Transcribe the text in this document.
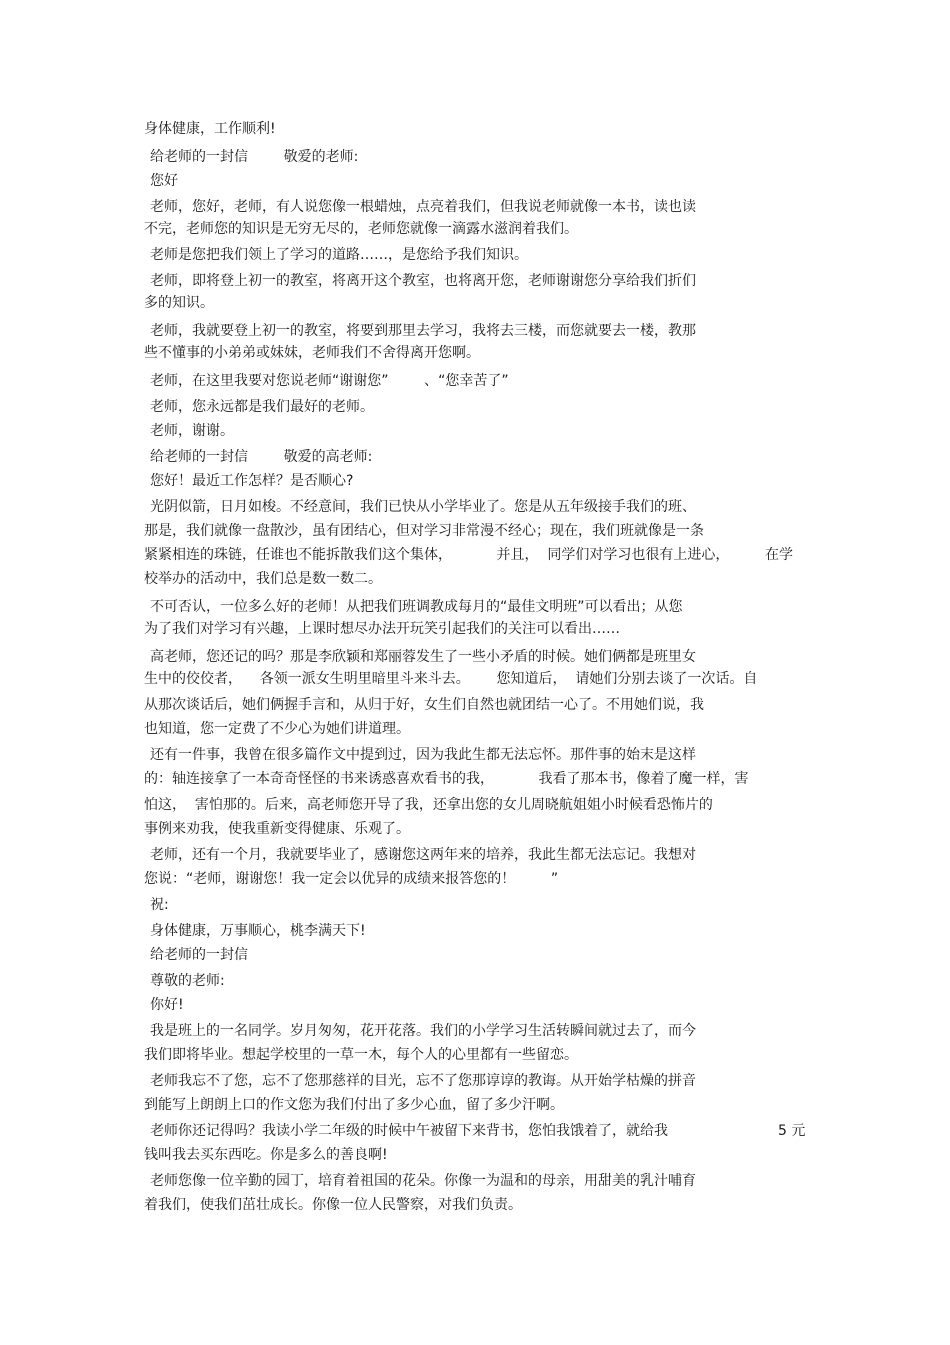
身体健康，工作顺利!
给老师的一封信        敬爱的老师:
您好
老师，您好，老师，有人说您像一根蜡烛，点亮着我们，但我说老师就像一本书，读也读
不完，老师您的知识是无穷无尽的，老师您就像一滴露水滋润着我们。
老师是您把我们领上了学习的道路……，是您给予我们知识。
老师，即将登上初一的教室，将离开这个教室，也将离开您，老师谢谢您分享给我们折们
多的知识。
老师，我就要登上初一的教室，将要到那里去学习，我将去三楼，而您就要去一楼，教那
些不懂事的小弟弟或妹妹，老师我们不舍得离开您啊。
老师，在这里我要对您说老师“谢谢您”        、“您幸苦了”
老师，您永远都是我们最好的老师。
老师，谢谢。
给老师的一封信        敬爱的高老师:
您好！最近工作怎样？是否顺心?
光阴似箭，日月如梭。不经意间，我们已快从小学毕业了。您是从五年级接手我们的班、
那是，我们就像一盘散沙，虽有团结心，但对学习非常漫不经心；现在，我们班就像是一条
紧紧相连的珠链，任谁也不能拆散我们这个集体，          并且，  同学们对学习也很有上进心，        在学
校举办的活动中，我们总是数一数二。
不可否认，一位多么好的老师！从把我们班调教成每月的“最佳文明班”可以看出；从您
为了我们对学习有兴趣，上课时想尽办法开玩笑引起我们的关注可以看出……
高老师，您还记的吗？那是李欣颖和郑丽蓉发生了一些小矛盾的时候。她们俩都是班里女
生中的佼佼者，    各领一派女生明里暗里斗来斗去。      您知道后，  请她们分别去谈了一次话。自
从那次谈话后，她们俩握手言和，从归于好，女生们自然也就团结一心了。不用她们说，我
也知道，您一定费了不少心为她们讲道理。
还有一件事，我曾在很多篇作文中提到过，因为我此生都无法忘怀。那件事的始末是这样
的：轴连接拿了一本奇奇怪怪的书来诱惑喜欢看书的我，          我看了那本书，像着了魔一样，害
怕这，  害怕那的。后来，高老师您开导了我，还拿出您的女儿周晓航姐姐小时候看恐怖片的
事例来劝我，使我重新变得健康、乐观了。
老师，还有一个月，我就要毕业了，感谢您这两年来的培养，我此生都无法忘记。我想对
您说：“老师，谢谢您！我一定会以优异的成绩来报答您的！        ”
祝:
身体健康，万事顺心，桃李满天下!
给老师的一封信
尊敬的老师:
你好!
我是班上的一名同学。岁月匆匆，花开花落。我们的小学学习生活转瞬间就过去了，而今
我们即将毕业。想起学校里的一草一木，每个人的心里都有一些留恋。
老师我忘不了您，忘不了您那慈祥的目光，忘不了您那谆谆的教诲。从开始学枯燥的拼音
到能写上朗朗上口的作文您为我们付出了多少心血，留了多少汗啊。
老师你还记得吗？我读小学二年级的时候中午被留下来背书，您怕我饿着了，就给我	5 元
钱叫我去买东西吃。你是多么的善良啊!
老师您像一位辛勤的园丁，培育着祖国的花朵。你像一为温和的母亲，用甜美的乳汁哺育
着我们，使我们茁壮成长。你像一位人民警察，对我们负责。
